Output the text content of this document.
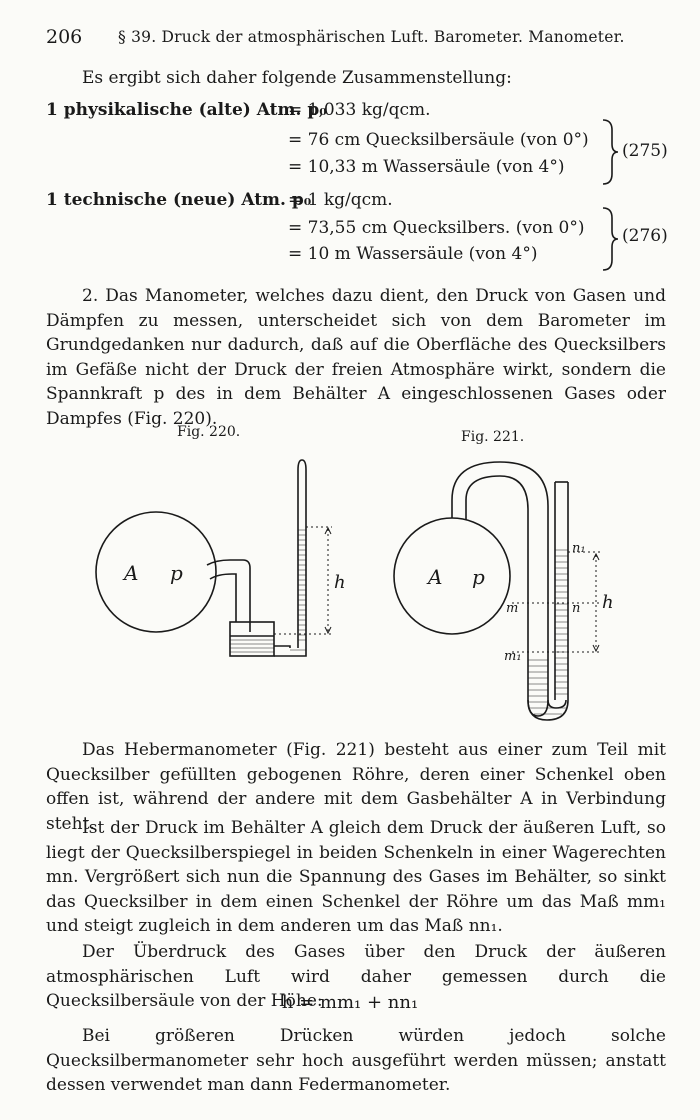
206 § 39. Druck der atmosphärischen Luft. Barometer. Manometer.
Es ergibt sich daher folgende Zusammenstellung:
1 physikalische (alte) Atm. p₀
= 1,033 kg/qcm.
= 76 cm Quecksilbersäule (von 0°)
= 10,33 m Wassersäule (von 4°)
(275)
1 technische (neue) Atm. p₀
= 1 kg/qcm.
= 73,55 cm Quecksilbers. (von 0°)
= 10 m Wassersäule (von 4°)
(276)
2. Das Manometer, welches dazu dient, den Druck von Gasen und Dämpfen zu messen, unterscheidet sich von dem Barometer im Grundgedanken nur dadurch, daß auf die Oberfläche des Quecksilbers im Gefäße nicht der Druck der freien Atmosphäre wirkt, sondern die Spannkraft p des in dem Behälter A eingeschlossenen Gases oder Dampfes (Fig. 220).
A p	h	A p
h
m	n
m₁
n₁
Fig. 220.	Fig. 221.
Das Hebermanometer (Fig. 221) besteht aus einer zum Teil mit Quecksilber gefüllten gebogenen Röhre, deren einer Schenkel oben offen ist, während der andere mit dem Gasbehälter A in Verbindung steht.
Ist der Druck im Behälter A gleich dem Druck der äußeren Luft, so liegt der Quecksilberspiegel in beiden Schenkeln in einer Wagerechten mn. Vergrößert sich nun die Spannung des Gases im Behälter, so sinkt das Quecksilber in dem einen Schenkel der Röhre um das Maß mm₁ und steigt zugleich in dem anderen um das Maß nn₁.
Der Überdruck des Gases über den Druck der äußeren atmosphärischen Luft wird daher gemessen durch die Quecksilbersäule von der Höhe:
h = mm₁ + nn₁
Bei größeren Drücken würden jedoch solche Quecksilbermanometer sehr hoch ausgeführt werden müssen; anstatt dessen verwendet man dann Federmanometer.
